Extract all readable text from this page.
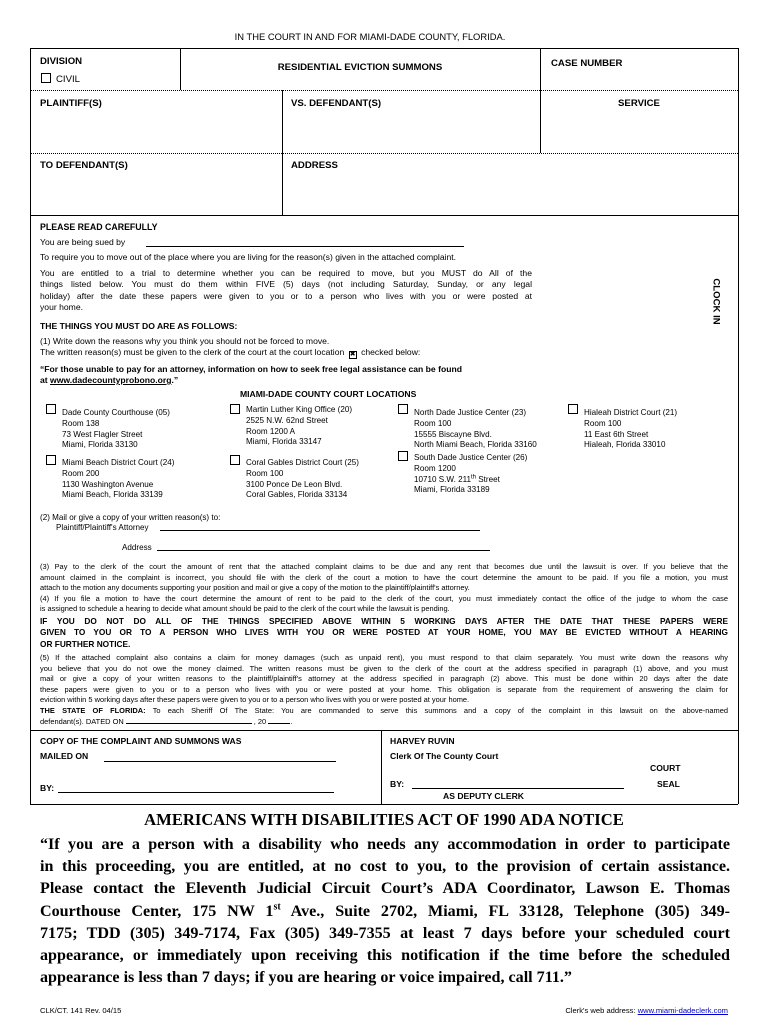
IN THE COURT IN AND FOR MIAMI-DADE COUNTY, FLORIDA.
DIVISION
CIVIL
RESIDENTIAL EVICTION SUMMONS	CASE NUMBER
PLAINTIFF(S)	VS. DEFENDANT(S)	SERVICE
TO DEFENDANT(S)	ADDRESS
CLOCK IN
PLEASE READ CAREFULLY
You are being sued by
To require you to move out of the place where you are living for the reason(s) given in the attached complaint.
You are entitled to a trial to determine whether you can be required to move, but you MUST do All of the
things listed below. You must do them within FIVE (5) days (not including Saturday, Sunday, or any legal
holiday) after the date these papers were given to you or to a person who lives with you or were posted at
your home.
THE THINGS YOU MUST DO ARE AS FOLLOWS:
(1) Write down the reasons why you think you should not be forced to move.
The written reason(s) must be given to the clerk of the court at the court location ✖ checked below:
“For those unable to pay for an attorney, information on how to seek free legal assistance can be found
at www.dadecountyprobono.org.”
MIAMI-DADE COUNTY COURT LOCATIONS
Dade County Courthouse (05)
Room 138
73 West Flagler Street
Miami, Florida 33130
Martin Luther King Office (20)
2525 N.W. 62nd Street
Room 1200 A
Miami, Florida 33147
North Dade Justice Center (23)
Room 100
15555 Biscayne Blvd.
North Miami Beach, Florida 33160
Hialeah District Court (21)
Room 100
11 East 6th Street
Hialeah, Florida 33010
Miami Beach District Court (24)
Room 200
1130 Washington Avenue
Miami Beach, Florida 33139
Coral Gables District Court (25)
Room 100
3100 Ponce De Leon Blvd.
Coral Gables, Florida 33134
South Dade Justice Center (26)
Room 1200
10710 S.W. 211th Street
Miami, Florida 33189
(2) Mail or give a copy of your written reason(s) to:
Plaintiff/Plaintiff's Attorney
Address
(3) Pay to the clerk of the court the amount of rent that the attached complaint claims to be due and any rent that becomes due until the lawsuit is over. If you believe that the
amount claimed in the complaint is incorrect, you should file with the clerk of the court a motion to have the court determine the amount to be paid. If you file a motion, you must
attach to the motion any documents supporting your position and mail or give a copy of the motion to the plaintiff/plaintiff's attorney.
(4) If you file a motion to have the court determine the amount of rent to be paid to the clerk of the court, you must immediately contact the office of the judge to whom the case
is assigned to schedule a hearing to decide what amount should be paid to the clerk of the court while the lawsuit is pending.
IF YOU DO NOT DO ALL OF THE THINGS SPECIFIED ABOVE WITHIN 5 WORKING DAYS AFTER THE DATE THAT THESE PAPERS WERE
GIVEN TO YOU OR TO A PERSON WHO LIVES WITH YOU OR WERE POSTED AT YOUR HOME, YOU MAY BE EVICTED WITHOUT A HEARING
OR FURTHER NOTICE.
(5) If the attached complaint also contains a claim for money damages (such as unpaid rent), you must respond to that claim separately. You must write down the reasons why
you believe that you do not owe the money claimed. The written reasons must be given to the clerk of the court at the address specified in paragraph (1) above, and you must
mail or give a copy of your written reasons to the plaintiff/plaintiff's attorney at the address specified in paragraph (2) above. This must be done within 20 days after the date
these papers were given to you or to a person who lives with you or were posted at your home. This obligation is separate from the requirement of answering the claim for
eviction within 5 working days after these papers were given to you or to a person who lives with you or were posted at your home.
THE STATE OF FLORIDA: To each Sheriff Of The State: You are commanded to serve this summons and a copy of the complaint in this lawsuit on the above-named
defendant(s). DATED ON	, 20	.
COPY OF THE COMPLAINT AND SUMMONS WAS
MAILED ON
BY:
HARVEY RUVIN
Clerk Of The County Court
COURT
BY:	SEAL
AS DEPUTY CLERK
AMERICANS WITH DISABILITIES ACT OF 1990 ADA NOTICE
“If you are a person with a disability who needs any accommodation in order to participate
in this proceeding, you are entitled, at no cost to you, to the provision of certain assistance.
Please contact the Eleventh Judicial Circuit Court’s ADA Coordinator, Lawson E. Thomas
Courthouse Center, 175 NW 1st Ave., Suite 2702, Miami, FL 33128, Telephone (305) 349-
7175; TDD (305) 349-7174, Fax (305) 349-7355 at least 7 days before your scheduled court
appearance, or immediately upon receiving this notification if the time before the scheduled
appearance is less than 7 days; if you are hearing or voice impaired, call 711.”
CLK/CT. 141 Rev. 04/15	Clerk's web address: www.miami-dadeclerk.com
